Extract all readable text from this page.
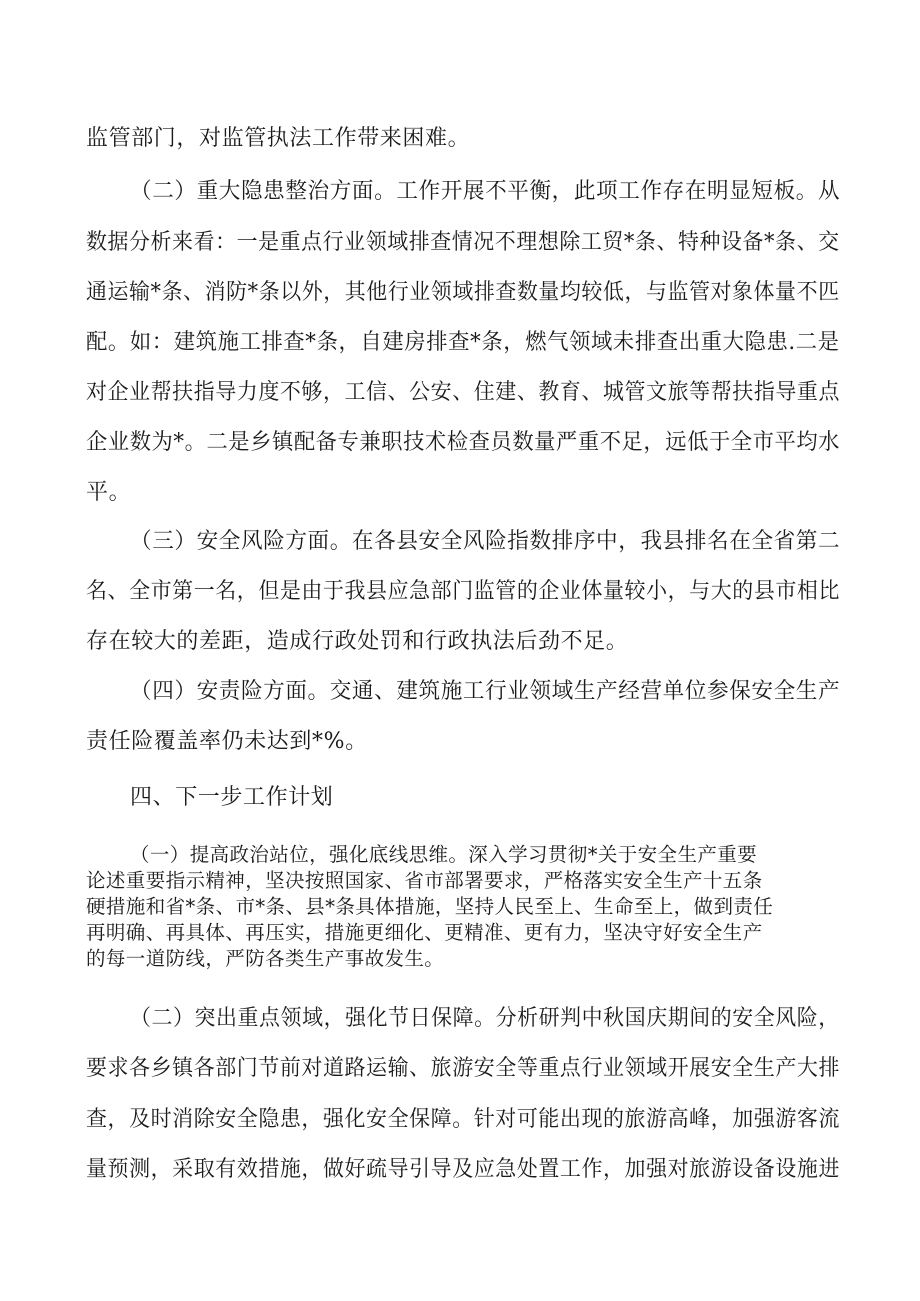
监管部门，对监管执法工作带来困难。
（二）重大隐患整治方面。工作开展不平衡，此项工作存在明显短板。从
数据分析来看：一是重点行业领域排查情况不理想除工贸*条、特种设备*条、交
通运输*条、消防*条以外，其他行业领域排查数量均较低，与监管对象体量不匹
配。如：建筑施工排查*条，自建房排查*条，燃气领域未排查出重大隐患.二是
对企业帮扶指导力度不够，工信、公安、住建、教育、城管文旅等帮扶指导重点
企业数为*。二是乡镇配备专兼职技术检查员数量严重不足，远低于全市平均水
平。
（三）安全风险方面。在各县安全风险指数排序中，我县排名在全省第二
名、全市第一名，但是由于我县应急部门监管的企业体量较小，与大的县市相比
存在较大的差距，造成行政处罚和行政执法后劲不足。
（四）安责险方面。交通、建筑施工行业领域生产经营单位参保安全生产
责任险覆盖率仍未达到*%。
四、下一步工作计划
（一）提高政治站位，强化底线思维。深入学习贯彻*关于安全生产重要
论述重要指示精神，坚决按照国家、省市部署要求，严格落实安全生产十五条
硬措施和省*条、市*条、县*条具体措施，坚持人民至上、生命至上，做到责任
再明确、再具体、再压实，措施更细化、更精准、更有力，坚决守好安全生产
的每一道防线，严防各类生产事故发生。
（二）突出重点领域，强化节日保障。分析研判中秋国庆期间的安全风险，
要求各乡镇各部门节前对道路运输、旅游安全等重点行业领域开展安全生产大排
查，及时消除安全隐患，强化安全保障。针对可能出现的旅游高峰，加强游客流
量预测，采取有效措施，做好疏导引导及应急处置工作，加强对旅游设备设施进
